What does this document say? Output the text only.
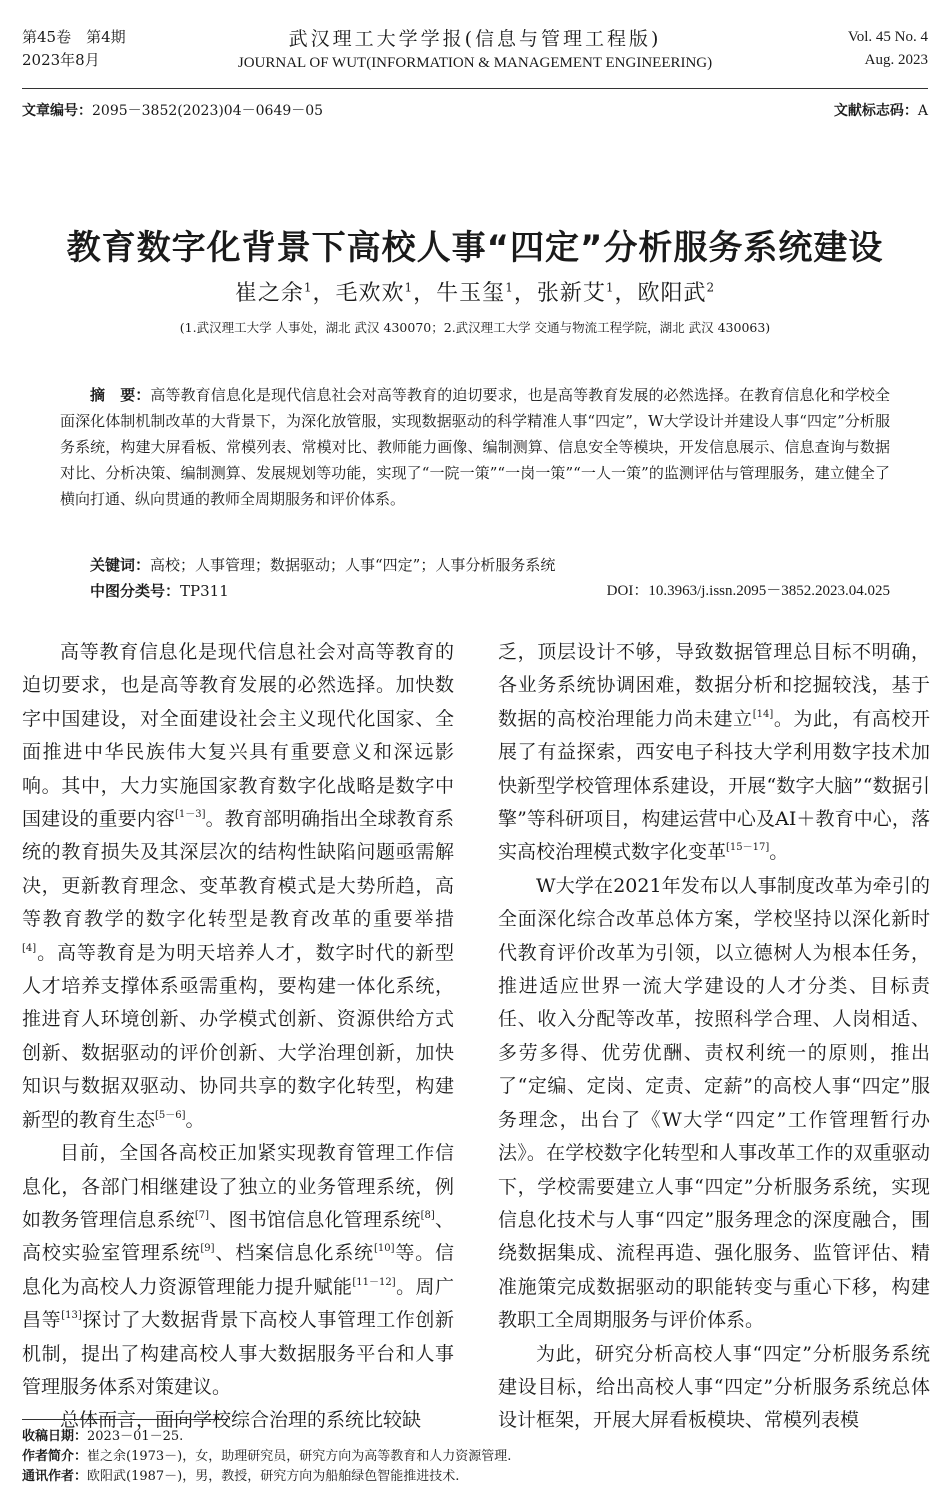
第45卷　第4期
2023年8月
武汉理工大学学报(信息与管理工程版)
JOURNAL OF WUT(INFORMATION & MANAGEMENT ENGINEERING)
Vol. 45 No. 4
Aug. 2023
文章编号：2095－3852(2023)04－0649－05	文献标志码：A
教育数字化背景下高校人事“四定”分析服务系统建设
崔之余$^1$，毛欢欢$^1$，牛玉玺$^1$，张新艾$^1$，欧阳武$^2$
(1.武汉理工大学 人事处，湖北 武汉 430070；2.武汉理工大学 交通与物流工程学院，湖北 武汉 430063)
摘　要：高等教育信息化是现代信息社会对高等教育的迫切要求，也是高等教育发展的必然选择。在教育信息化和学校全面深化体制机制改革的大背景下，为深化放管服，实现数据驱动的科学精准人事“四定”，W大学设计并建设人事“四定”分析服务系统，构建大屏看板、常模列表、常模对比、教师能力画像、编制测算、信息安全等模块，开发信息展示、信息查询与数据对比、分析决策、编制测算、发展规划等功能，实现了“一院一策”“一岗一策”“一人一策”的监测评估与管理服务，建立健全了横向打通、纵向贯通的教师全周期服务和评价体系。
关键词：高校；人事管理；数据驱动；人事“四定”；人事分析服务系统
中图分类号：TP311	DOI：10.3963/j.issn.2095－3852.2023.04.025

高等教育信息化是现代信息社会对高等教育的迫切要求，也是高等教育发展的必然选择。加快数字中国建设，对全面建设社会主义现代化国家、全面推进中华民族伟大复兴具有重要意义和深远影响。其中，大力实施国家教育数字化战略是数字中国建设的重要内容[1－3]。教育部明确指出全球教育系统的教育损失及其深层次的结构性缺陷问题亟需解决，更新教育理念、变革教育模式是大势所趋，高等教育教学的数字化转型是教育改革的重要举措[4]。高等教育是为明天培养人才，数字时代的新型人才培养支撑体系亟需重构，要构建一体化系统，推进育人环境创新、办学模式创新、资源供给方式创新、数据驱动的评价创新、大学治理创新，加快知识与数据双驱动、协同共享的数字化转型，构建新型的教育生态[5－6]。

目前，全国各高校正加紧实现教育管理工作信息化，各部门相继建设了独立的业务管理系统，例如教务管理信息系统[7]、图书馆信息化管理系统[8]、高校实验室管理系统[9]、档案信息化系统[10]等。信息化为高校人力资源管理能力提升赋能[11－12]。周广昌等[13]探讨了大数据背景下高校人事管理工作创新机制，提出了构建高校人事大数据服务平台和人事管理服务体系对策建议。

总体而言，面向学校综合治理的系统比较缺

乏，顶层设计不够，导致数据管理总目标不明确，各业务系统协调困难，数据分析和挖掘较浅，基于数据的高校治理能力尚未建立[14]。为此，有高校开展了有益探索，西安电子科技大学利用数字技术加快新型学校管理体系建设，开展“数字大脑”“数据引擎”等科研项目，构建运营中心及AI＋教育中心，落实高校治理模式数字化变革[15－17]。

W大学在2021年发布以人事制度改革为牵引的全面深化综合改革总体方案，学校坚持以深化新时代教育评价改革为引领，以立德树人为根本任务，推进适应世界一流大学建设的人才分类、目标责任、收入分配等改革，按照科学合理、人岗相适、多劳多得、优劳优酬、责权利统一的原则，推出了“定编、定岗、定责、定薪”的高校人事“四定”服务理念，出台了《W大学“四定”工作管理暂行办法》。在学校数字化转型和人事改革工作的双重驱动下，学校需要建立人事“四定”分析服务系统，实现信息化技术与人事“四定”服务理念的深度融合，围绕数据集成、流程再造、强化服务、监管评估、精准施策完成数据驱动的职能转变与重心下移，构建教职工全周期服务与评价体系。

为此，研究分析高校人事“四定”分析服务系统建设目标，给出高校人事“四定”分析服务系统总体设计框架，开展大屏看板模块、常模列表模

收稿日期：2023－01－25.
作者简介：崔之余(1973－)，女，助理研究员，研究方向为高等教育和人力资源管理.
通讯作者：欧阳武(1987－)，男，教授，研究方向为船舶绿色智能推进技术.
